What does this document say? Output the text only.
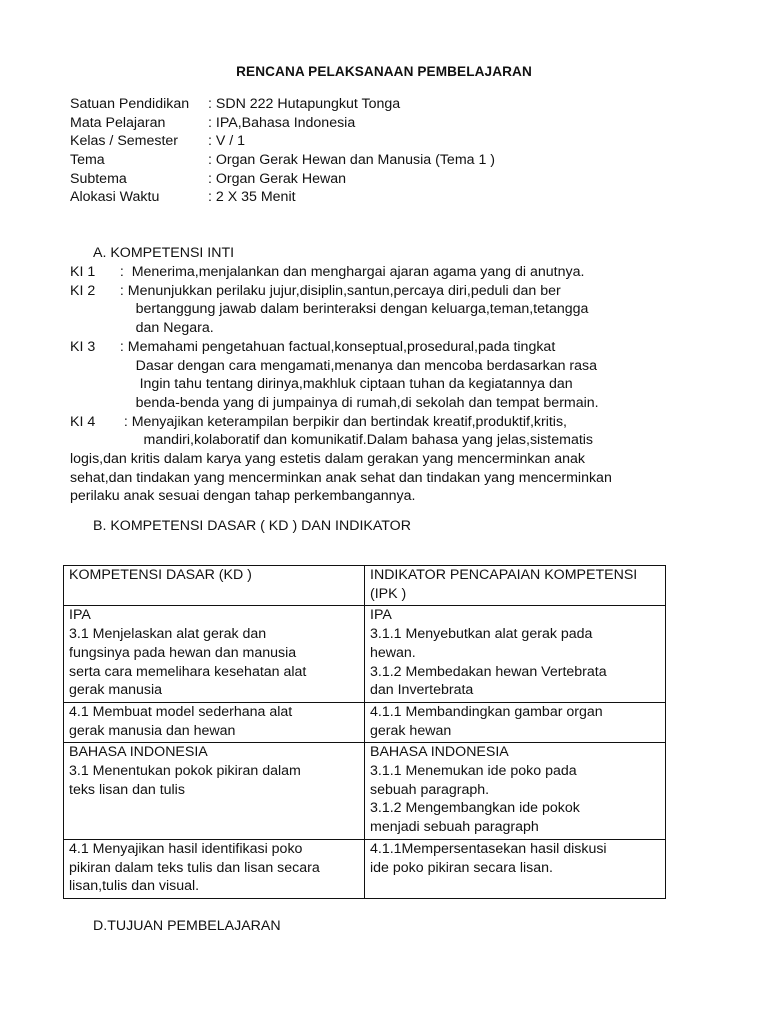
RENCANA PELAKSANAAN PEMBELAJARAN
Satuan Pendidikan	: SDN 222 Hutapungkut Tonga
Mata Pelajaran	: IPA,Bahasa Indonesia
Kelas / Semester	: V / 1
Tema	: Organ Gerak Hewan dan Manusia (Tema 1 )
Subtema	: Organ Gerak Hewan
Alokasi Waktu	: 2 X 35 Menit
A. KOMPETENSI INTI
KI 1	:  Menerima,menjalankan dan menghargai ajaran agama yang di anutnya.
KI 2	: Menunjukkan perilaku jujur,disiplin,santun,percaya diri,peduli dan ber
bertanggung jawab dalam berinteraksi dengan keluarga,teman,tetangga
dan Negara.
KI 3	: Memahami pengetahuan factual,konseptual,prosedural,pada tingkat
Dasar dengan cara mengamati,menanya dan mencoba berdasarkan rasa
Ingin tahu tentang dirinya,makhluk ciptaan tuhan da kegiatannya dan
benda-benda yang di jumpainya di rumah,di sekolah dan tempat bermain.
KI 4	: Menyajikan keterampilan berpikir dan bertindak kreatif,produktif,kritis,
mandiri,kolaboratif dan komunikatif.Dalam bahasa yang jelas,sistematis
logis,dan kritis dalam karya yang estetis dalam gerakan yang mencerminkan anak
sehat,dan tindakan yang mencerminkan anak sehat dan tindakan yang mencerminkan
perilaku anak sesuai dengan tahap perkembangannya.
B. KOMPETENSI DASAR ( KD ) DAN INDIKATOR
KOMPETENSI DASAR (KD )	INDIKATOR PENCAPAIAN KOMPETENSI
(IPK )

IPA
3.1 Menjelaskan alat gerak dan
fungsinya pada hewan dan manusia
serta cara memelihara kesehatan alat
gerak manusia	IPA
3.1.1 Menyebutkan alat gerak pada
hewan.
3.1.2 Membedakan hewan Vertebrata
dan Invertebrata

4.1 Membuat model sederhana alat
gerak manusia dan hewan	4.1.1 Membandingkan gambar organ
gerak hewan

BAHASA INDONESIA
3.1 Menentukan pokok pikiran dalam
teks lisan dan tulis	BAHASA INDONESIA
3.1.1 Menemukan ide poko pada
sebuah paragraph.
3.1.2 Mengembangkan ide pokok
menjadi sebuah paragraph

4.1 Menyajikan hasil identifikasi poko
pikiran dalam teks tulis dan lisan secara
lisan,tulis dan visual.	4.1.1Mempersentasekan hasil diskusi
ide poko pikiran secara lisan.
D.TUJUAN PEMBELAJARAN
